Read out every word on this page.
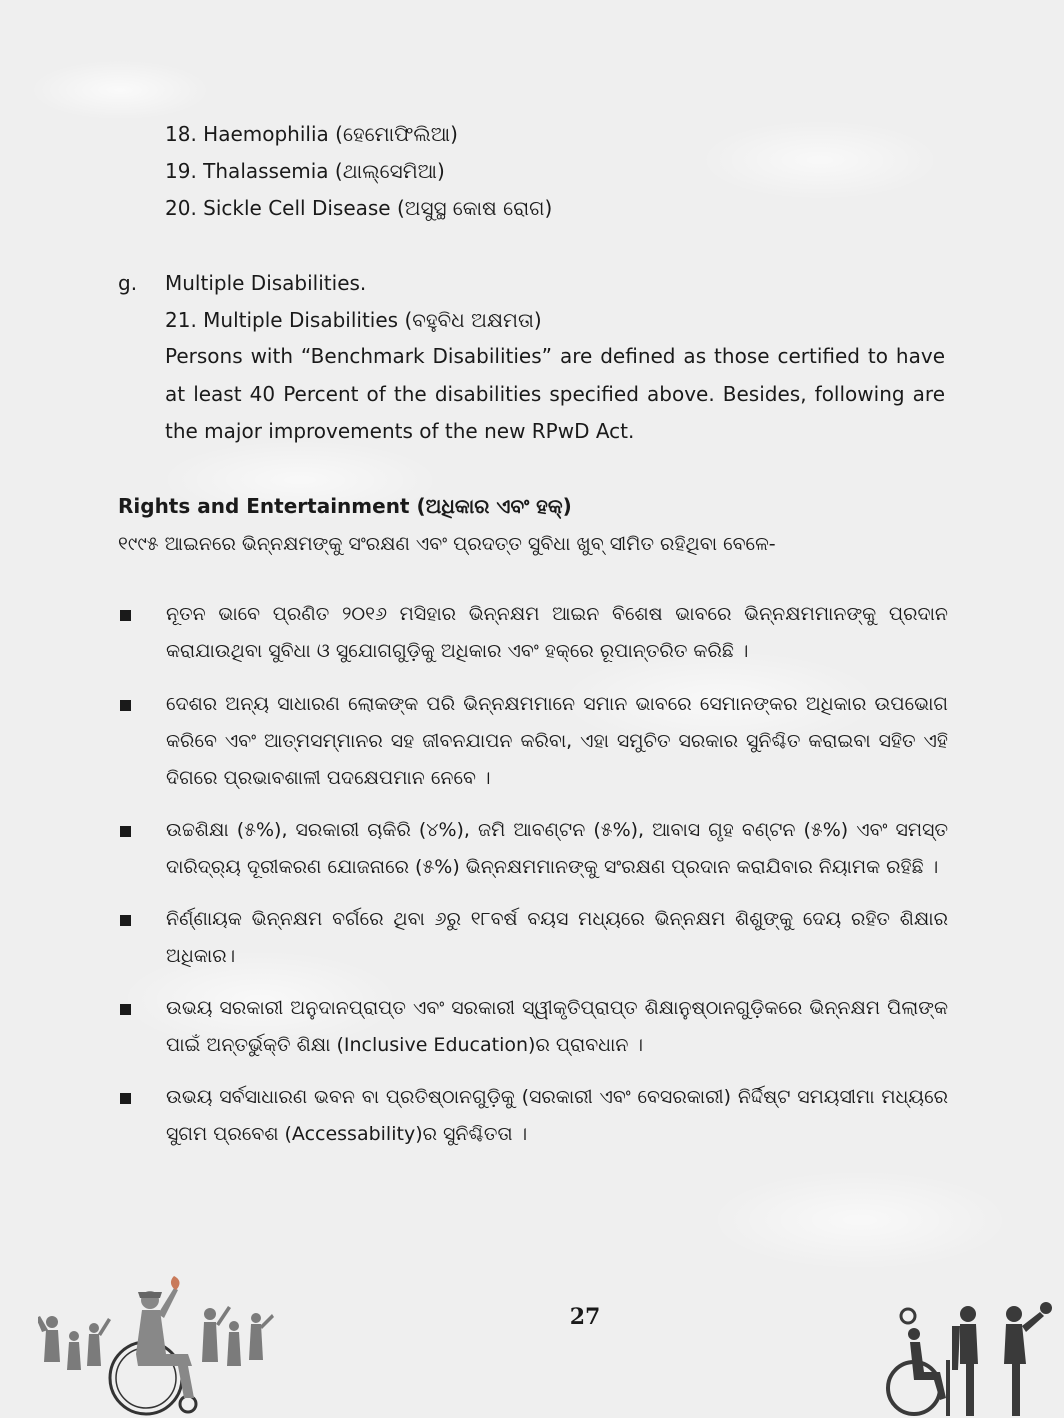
18. Haemophilia (ହେମୋଫିଲିଆ)
19. Thalassemia (ଥାଲ୍‌ସେମିଆ)
20. Sickle Cell Disease (ଅସୁସ୍ଥ କୋଷ ରୋଗ)
g. Multiple Disabilities.
21. Multiple Disabilities (ବହୁବିଧ ଅକ୍ଷମତା)
Persons with “Benchmark Disabilities” are defined as those certified to have at least 40 Percent of the disabilities specified above. Besides, following are the major improvements of the new RPwD Act.
Rights and Entertainment (ଅଧିକାର ଏବଂ ହକ୍)
୧୯୯୫ ଆଇନରେ ଭିନ୍ନକ୍ଷମଙ୍କୁ ସଂରକ୍ଷଣ ଏବଂ ପ୍ରଦତ୍ତ ସୁବିଧା ଖୁବ୍ ସୀମିତ ରହିଥିବା ବେଳେ-
ନୂତନ ଭାବେ ପ୍ରଣିତ ୨୦୧୬ ମସିହାର ଭିନ୍ନକ୍ଷମ ଆଇନ ବିଶେଷ ଭାବରେ ଭିନ୍ନକ୍ଷମମାନଙ୍କୁ ପ୍ରଦାନ କରାଯାଉଥିବା ସୁବିଧା ଓ ସୁଯୋଗଗୁଡ଼ିକୁ ଅଧିକାର ଏବଂ ହକ୍‌ରେ ରୂପାନ୍ତରିତ କରିଛି ।
ଦେଶର ଅନ୍ୟ ସାଧାରଣ ଲୋକଙ୍କ ପରି ଭିନ୍ନକ୍ଷମମାନେ ସମାନ ଭାବରେ ସେମାନଙ୍କର ଅଧିକାର ଉପଭୋଗ କରିବେ ଏବଂ ଆତ୍ମସମ୍ମାନର ସହ ଜୀବନଯାପନ କରିବା, ଏହା ସମୁଚିତ ସରକାର ସୁନିଶ୍ଚିତ କରାଇବା ସହିତ ଏହି ଦିଗରେ ପ୍ରଭାବଶାଳୀ ପଦକ୍ଷେପମାନ ନେବେ ।
ଉଚ୍ଚଶିକ୍ଷା (୫%), ସରକାରୀ ଚାକିରି (୪%), ଜମି ଆବଣ୍ଟନ (୫%), ଆବାସ ଗୃହ ବଣ୍ଟନ (୫%) ଏବଂ ସମସ୍ତ ଦାରିଦ୍ର୍ୟ ଦୂରୀକରଣ ଯୋଜନାରେ (୫%) ଭିନ୍ନକ୍ଷମମାନଙ୍କୁ ସଂରକ୍ଷଣ ପ୍ରଦାନ କରାଯିବାର ନିୟାମକ ରହିଛି ।
ନିର୍ଣ୍ଣାୟକ ଭିନ୍ନକ୍ଷମ ବର୍ଗରେ ଥିବା ୬ରୁ ୧୮ବର୍ଷ ବୟସ ମଧ୍ୟରେ ଭିନ୍ନକ୍ଷମ ଶିଶୁଙ୍କୁ ଦେୟ ରହିତ ଶିକ୍ଷାର ଅଧିକାର।
ଉଭୟ ସରକାରୀ ଅନୁଦାନପ୍ରାପ୍ତ ଏବଂ ସରକାରୀ ସ୍ୱୀକୃତିପ୍ରାପ୍ତ ଶିକ୍ଷାନୁଷ୍ଠାନଗୁଡ଼ିକରେ ଭିନ୍ନକ୍ଷମ ପିଲାଙ୍କ ପାଇଁ ଅନ୍ତର୍ଭୁକ୍ତି ଶିକ୍ଷା (Inclusive Education)ର ପ୍ରାବଧାନ ।
ଉଭୟ ସର୍ବସାଧାରଣ ଭବନ ବା ପ୍ରତିଷ୍ଠାନଗୁଡ଼ିକୁ (ସରକାରୀ ଏବଂ ବେସରକାରୀ) ନିର୍ଦ୍ଦିଷ୍ଟ ସମୟସୀମା ମଧ୍ୟରେ ସୁଗମ ପ୍ରବେଶ (Accessability)ର ସୁନିଶ୍ଚିତତା ।
27
